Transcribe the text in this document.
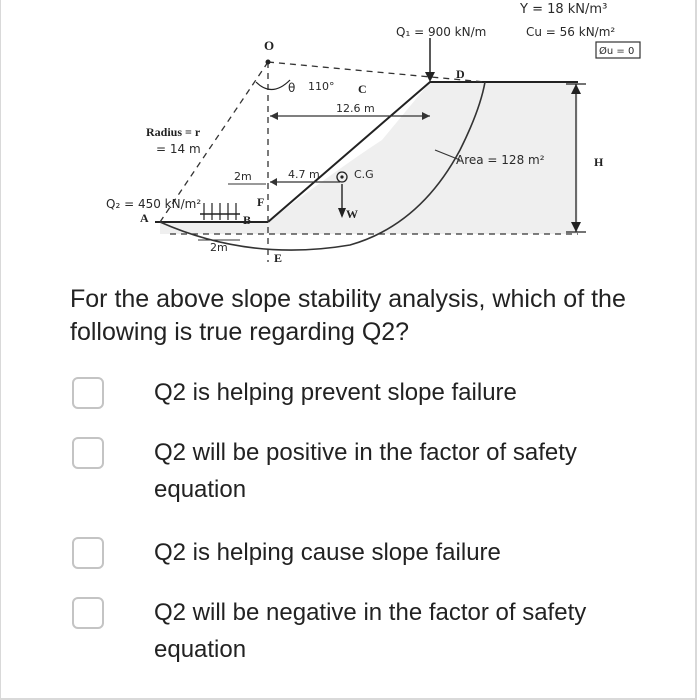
Y = 18 kN/m³
Q₁ = 900 kN/m	Cu = 56 kN/m²
Øu = 0
O
D
C
H
A	B
E
F
W
θ 110°
12.6 m
Radius = r
= 14 m
Area = 128 m²
2m	4.7 m	C.G
Q₂ = 450 kN/m²
2m
For the above slope stability analysis, which of the following is true regarding Q2?
Q2 is helping prevent slope failure
Q2 will be positive in the factor of safety equation
Q2 is helping cause slope failure
Q2 will be negative in the factor of safety equation
